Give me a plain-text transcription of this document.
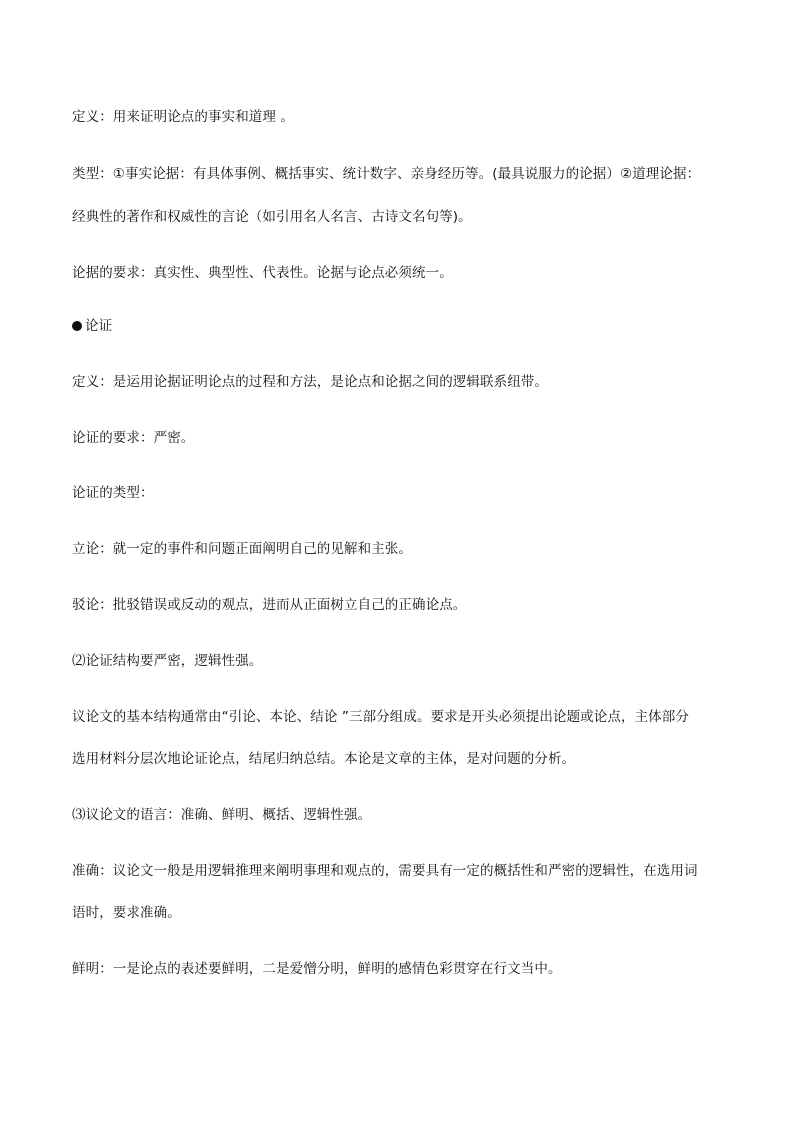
定义：用来证明论点的事实和道理 。
类型：①事实论据：有具体事例、概括事实、统计数字、亲身经历等。(最具说服力的论据）②道理论据：
经典性的著作和权威性的言论（如引用名人名言、古诗文名句等)。
论据的要求：真实性、典型性、代表性。论据与论点必须统一。
论证
定义：是运用论据证明论点的过程和方法，是论点和论据之间的逻辑联系纽带。
论证的要求：严密。
论证的类型：
立论：就一定的事件和问题正面阐明自己的见解和主张。
驳论：批驳错误或反动的观点，进而从正面树立自己的正确论点。
⑵论证结构要严密，逻辑性强。
议论文的基本结构通常由“引论、本论、结论 ”三部分组成。要求是开头必须提出论题或论点，主体部分
选用材料分层次地论证论点，结尾归纳总结。本论是文章的主体，是对问题的分析。
⑶议论文的语言：准确、鲜明、概括、逻辑性强。
准确：议论文一般是用逻辑推理来阐明事理和观点的，需要具有一定的概括性和严密的逻辑性，在选用词
语时，要求准确。
鲜明：一是论点的表述要鲜明，二是爱憎分明，鲜明的感情色彩贯穿在行文当中。
